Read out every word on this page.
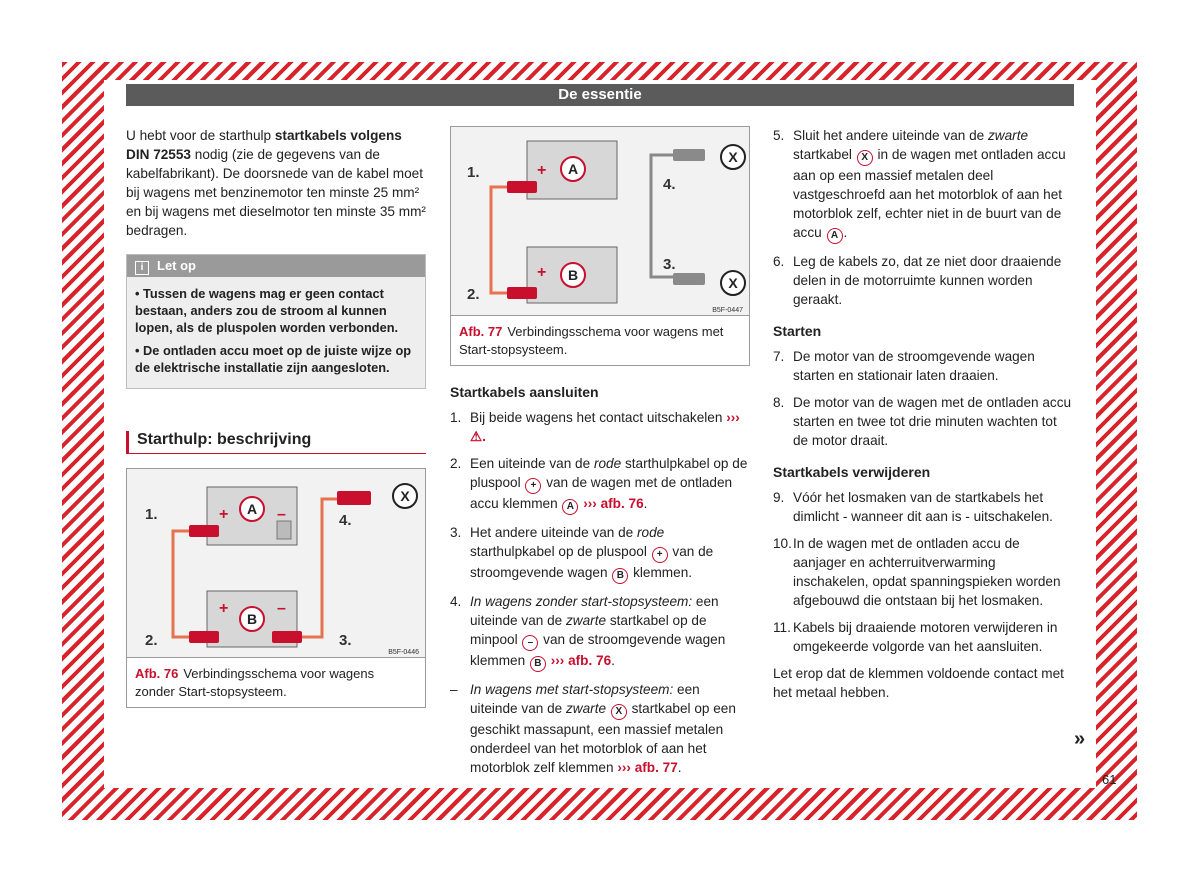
De essentie

U hebt voor de starthulp startkabels volgens DIN 72553 nodig (zie de gegevens van de kabelfabrikant). De doorsnede van de kabel moet bij wagens met benzinemotor ten minste 25 mm² en bij wagens met dieselmotor ten minste 35 mm² bedragen.

i Let op
• Tussen de wagens mag er geen contact bestaan, anders zou de stroom al kunnen lopen, als de pluspolen worden verbonden.
• De ontladen accu moet op de juiste wijze op de elektrische installatie zijn aangesloten.
Starthulp: beschrijving
A
+	–
B
+	–
X
1.
2.	3.
4.
B5F-0446
Afb. 76 Verbindingsschema voor wagens zonder Start-stopsysteem.
A
+
B
+
X
X
1.
2.
3.
4.
B5F-0447
Afb. 77 Verbindingsschema voor wagens met Start-stopsysteem.
Startkabels aansluiten
1. Bij beide wagens het contact uitschakelen ››› ⚠.
2. Een uiteinde van de rode starthulpkabel op de pluspool + van de wagen met de ontladen accu klemmen A ››› afb. 76.
3. Het andere uiteinde van de rode starthulpkabel op de pluspool + van de stroomgevende wagen B klemmen.
4. In wagens zonder start-stopsysteem: een uiteinde van de zwarte startkabel op de minpool – van de stroomgevende wagen klemmen B ››› afb. 76.
– In wagens met start-stopsysteem: een uiteinde van de zwarte X startkabel op een geschikt massapunt, een massief metalen onderdeel van het motorblok of aan het motorblok zelf klemmen ››› afb. 77.
5. Sluit het andere uiteinde van de zwarte startkabel X in de wagen met ontladen accu aan op een massief metalen deel vastgeschroefd aan het motorblok of aan het motorblok zelf, echter niet in de buurt van de accu A .
6. Leg de kabels zo, dat ze niet door draaiende delen in de motorruimte kunnen worden geraakt.
Starten
7. De motor van de stroomgevende wagen starten en stationair laten draaien.
8. De motor van de wagen met de ontladen accu starten en twee tot drie minuten wachten tot de motor draait.
Startkabels verwijderen
9. Vóór het losmaken van de startkabels het dimlicht - wanneer dit aan is - uitschakelen.
10. In de wagen met de ontladen accu de aanjager en achterruitverwarming inschakelen, opdat spanningspieken worden afgebouwd die ontstaan bij het losmaken.
11. Kabels bij draaiende motoren verwijderen in omgekeerde volgorde van het aansluiten.

Let erop dat de klemmen voldoende contact met het metaal hebben.

»
61
